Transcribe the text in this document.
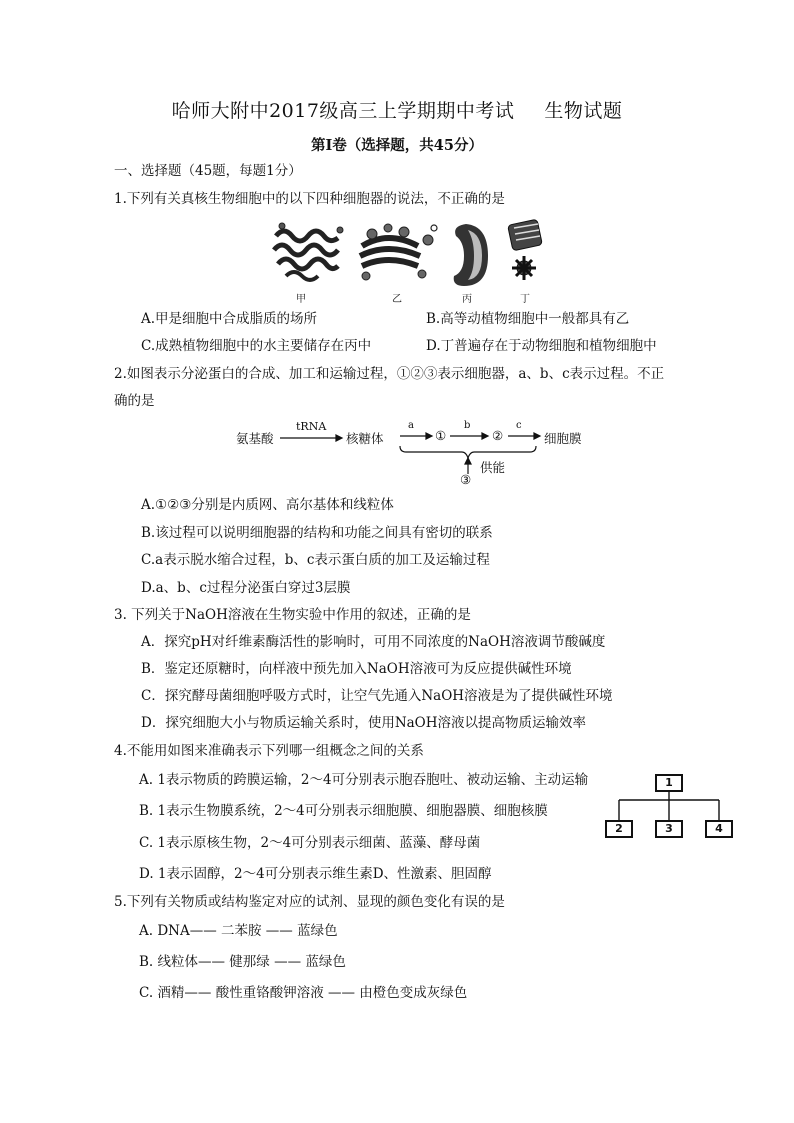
哈师大附中2017级高三上学期期中考试 生物试题
第Ⅰ卷（选择题，共45分）
一、选择题（45题，每题1分）
1.下列有关真核生物细胞中的以下四种细胞器的说法，不正确的是
甲	乙	丙	丁
A.甲是细胞中合成脂质的场所	B.高等动植物细胞中一般都具有乙
C.成熟植物细胞中的水主要储存在丙中	D.丁普遍存在于动物细胞和植物细胞中
2.如图表示分泌蛋白的合成、加工和运输过程，①②③表示细胞器，a、b、c表示过程。不正
确的是
氨基酸
tRNA
核糖体
a
①
b
②
c
细胞膜
供能
③
A.①②③分别是内质网、高尔基体和线粒体
B.该过程可以说明细胞器的结构和功能之间具有密切的联系
C.a表示脱水缩合过程，b、c表示蛋白质的加工及运输过程
D.a、b、c过程分泌蛋白穿过3层膜
3. 下列关于NaOH溶液在生物实验中作用的叙述，正确的是
A．探究pH对纤维素酶活性的影响时，可用不同浓度的NaOH溶液调节酸碱度
B．鉴定还原糖时，向样液中预先加入NaOH溶液可为反应提供碱性环境
C．探究酵母菌细胞呼吸方式时，让空气先通入NaOH溶液是为了提供碱性环境
D．探究细胞大小与物质运输关系时，使用NaOH溶液以提高物质运输效率
4.不能用如图来准确表示下列哪一组概念之间的关系
A. 1表示物质的跨膜运输，2～4可分别表示胞吞胞吐、被动运输、主动运输
B. 1表示生物膜系统，2～4可分别表示细胞膜、细胞器膜、细胞核膜
C. 1表示原核生物，2～4可分别表示细菌、蓝藻、酵母菌
D. 1表示固醇，2～4可分别表示维生素D、性激素、胆固醇
1
2	3	4
5.下列有关物质或结构鉴定对应的试剂、显现的颜色变化有误的是
A. DNA—— 二苯胺 —— 蓝绿色
B. 线粒体—— 健那绿 —— 蓝绿色
C. 酒精—— 酸性重铬酸钾溶液 —— 由橙色变成灰绿色
